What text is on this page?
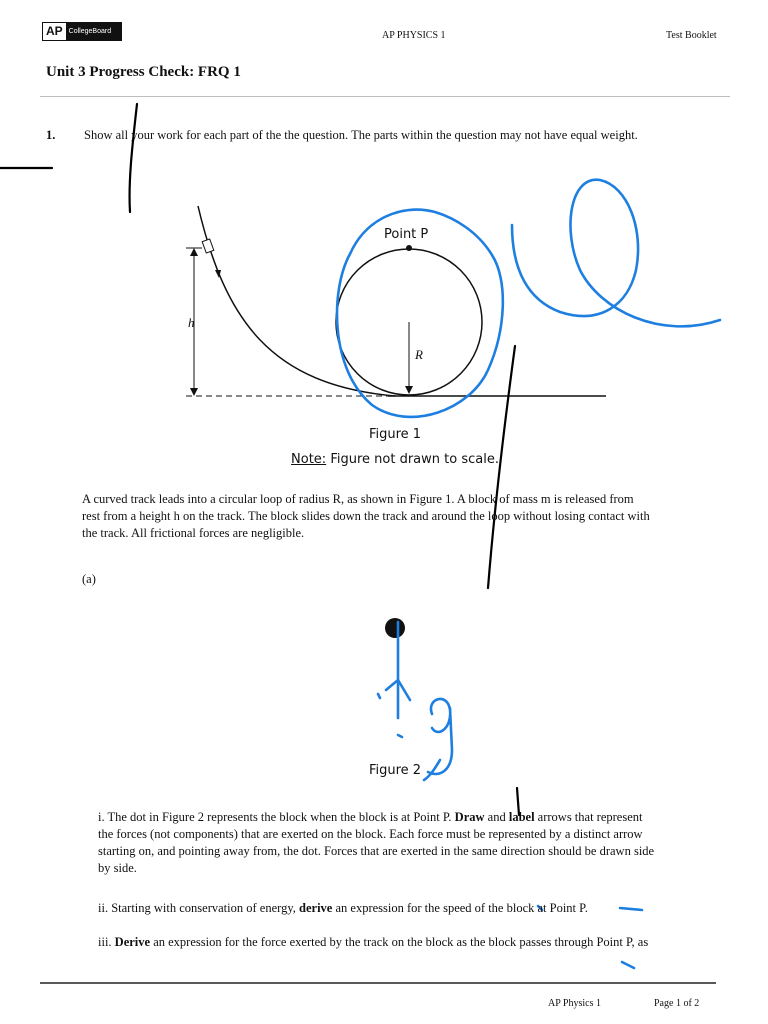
AP CollegeBoard	AP PHYSICS 1	Test Booklet
Unit 3 Progress Check: FRQ 1
1. Show all your work for each part of the the question. The parts within the question may not have equal weight.
Point P
h
R
Figure 1
Note: Figure not drawn to scale.
A curved track leads into a circular loop of radius R, as shown in Figure 1. A block of mass m is released from
rest from a height h on the track. The block slides down the track and around the loop without losing contact with
the track. All frictional forces are negligible.
(a)
Figure 2
i. The dot in Figure 2 represents the block when the block is at Point P. Draw and label arrows that represent
the forces (not components) that are exerted on the block. Each force must be represented by a distinct arrow
starting on, and pointing away from, the dot. Forces that are exerted in the same direction should be drawn side
by side.
ii. Starting with conservation of energy, derive an expression for the speed of the block at Point P.
iii. Derive an expression for the force exerted by the track on the block as the block passes through Point P, as
AP Physics 1	Page 1 of 2
